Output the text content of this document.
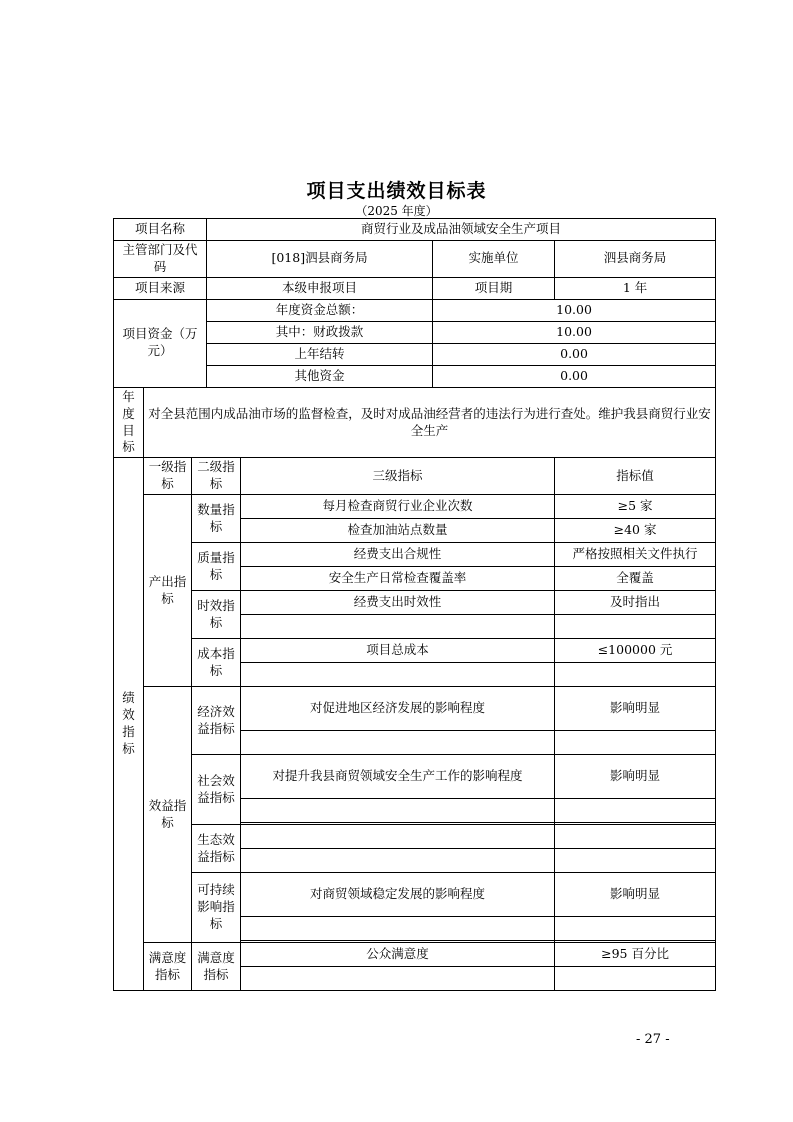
项目支出绩效目标表
（2025 年度）
项目名称			商贸行业及成品油领域安全生产项目			
主管部门及代码			[018]泗县商务局		实施单位	泗县商务局
项目来源			本级申报项目		项目期	1 年
项目资金（万元）			年度资金总额：		10.00	
			其中：财政拨款		10.00	
			上年结转		0.00	
			其他资金		0.00	
年度目标	对全县范围内成品油市场的监督检查，及时对成品油经营者的违法行为进行查处。维护我县商贸行业安全生产					
绩效指标	一级指标	二级指标		三级指标		指标值
	产出指标	数量指标		每月检查商贸行业企业次数		≥5 家
				检查加油站点数量		≥40 家
		质量指标		经费支出合规性		严格按照相关文件执行
				安全生产日常检查覆盖率		全覆盖
		时效指标		经费支出时效性		及时指出

		成本指标		项目总成本		≤100000 元

	效益指标	经济效益指标		对促进地区经济发展的影响程度		影响明显

		社会效益指标		对提升我县商贸领域安全生产工作的影响程度		影响明显

		生态效益指标				

		可持续影响指标		对商贸领域稳定发展的影响程度		影响明显

	满意度指标	满意度指标		公众满意度		≥95 百分比

- 27 -
